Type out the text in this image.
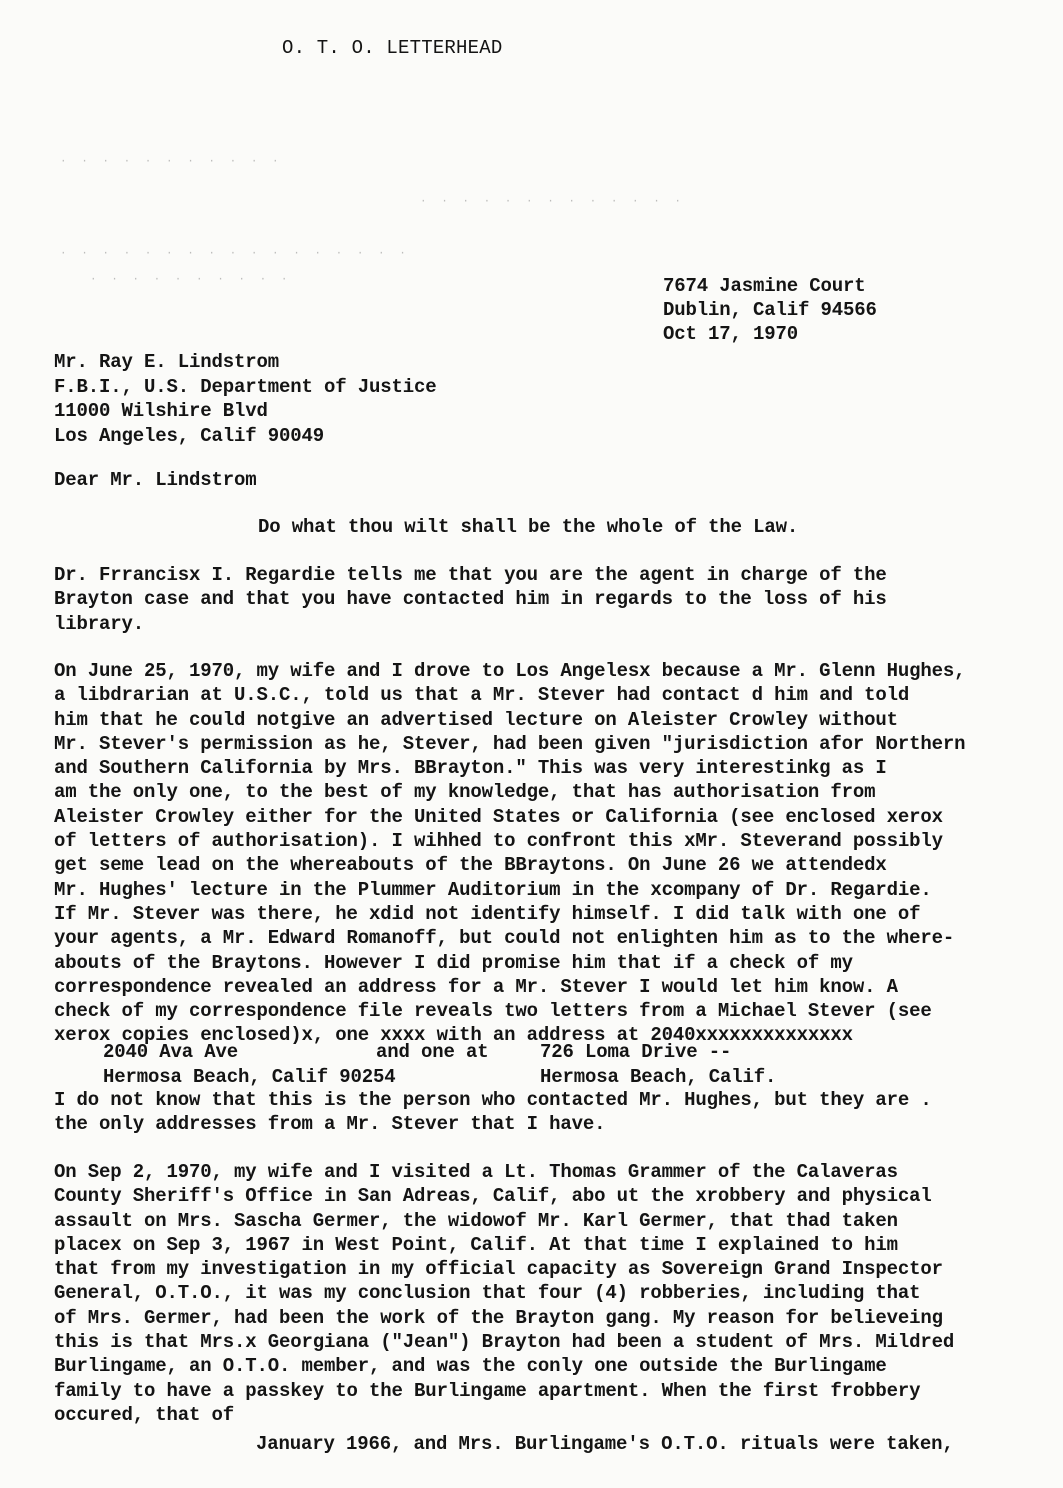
· · · · · · · · · · ·
· · · · · · · · · · · · ·
· · · · · · · · · · · · · · · · ·
· · · · · · · · · ·
O. T. O. LETTERHEAD
7674 Jasmine Court
Dublin, Calif 94566
Oct 17, 1970
Mr. Ray E. Lindstrom
F.B.I., U.S. Department of Justice
11000 Wilshire Blvd
Los Angeles, Calif 90049
Dear Mr. Lindstrom
Do what thou wilt shall be the whole of the Law.
Dr. Frrancisx I. Regardie tells me that you are the agent in charge of the
Brayton case and that you have contacted him in regards to the loss of his
library.
On June 25, 1970, my wife and I drove to Los Angelesx because a Mr. Glenn Hughes,
a libdrarian at U.S.C., told us that a Mr. Stever had contact d him and told
him that he could notgive an advertised lecture on Aleister Crowley without
Mr. Stever's permission as he, Stever, had been given "jurisdiction afor Northern
and Southern California by Mrs. BBrayton." This was very interestinkg as I
am the only one, to the best of my knowledge, that has authorisation from
Aleister Crowley either for the United States or California (see enclosed xerox
of letters of authorisation). I wihhed to confront this xMr. Steverand possibly
get seme lead on the whereabouts of the BBraytons. On June 26 we attendedx
Mr. Hughes' lecture in the Plummer Auditorium in the xcompany of Dr. Regardie.
If Mr. Stever was there, he xdid not identify himself. I did talk with one of
your agents, a Mr. Edward Romanoff, but could not enlighten him as to the where-
abouts of the Braytons. However I did promise him that if a check of my
correspondence revealed an address for a Mr. Stever I would let him know. A
check of my correspondence file reveals two letters from a Michael Stever (see
xerox copies enclosed)x, one xxxx with an address at 2040xxxxxxxxxxxxxx
2040 Ava Ave	and one at	726 Loma Drive --
Hermosa Beach, Calif 90254	Hermosa Beach, Calif.
I do not know that this is the person who contacted Mr. Hughes, but they are .
the only addresses from a Mr. Stever that I have.
On Sep 2, 1970, my wife and I visited a Lt. Thomas Grammer of the Calaveras
County Sheriff's Office in San Adreas, Calif, abo ut the xrobbery and physical
assault on Mrs. Sascha Germer, the widowof Mr. Karl Germer, that thad taken
placex on Sep 3, 1967 in West Point, Calif. At that time I explained to him
that from my investigation in my official capacity as Sovereign Grand Inspector
General, O.T.O., it was my conclusion that four (4) robberies, including that
of Mrs. Germer, had been the work of the Brayton gang. My reason for believeing
this is that Mrs.x Georgiana ("Jean") Brayton had been a student of Mrs. Mildred
Burlingame, an O.T.O. member, and was the conly one outside the Burlingame
family to have a passkey to the Burlingame apartment. When the first frobbery
occured, that of
January 1966, and Mrs. Burlingame's O.T.O. rituals were taken,
